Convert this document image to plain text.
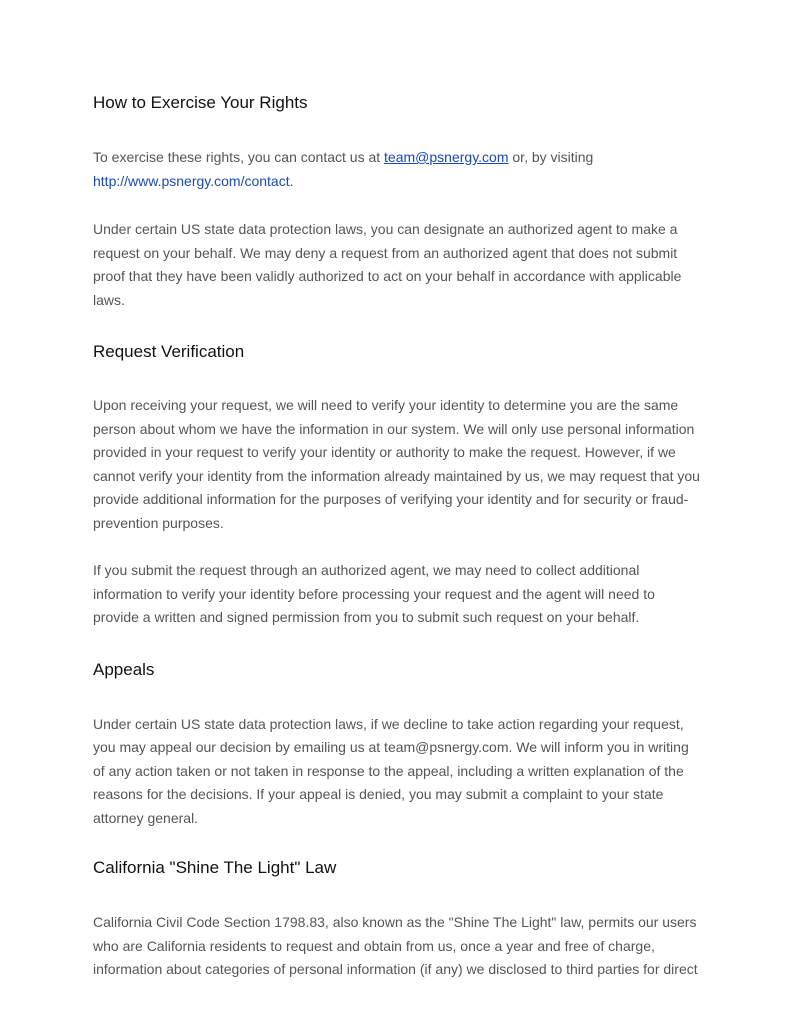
How to Exercise Your Rights

To exercise these rights, you can contact us at team@psnergy.com or, by visiting
http://www.psnergy.com/contact.

Under certain US state data protection laws, you can designate an authorized agent to make a request on your behalf. We may deny a request from an authorized agent that does not submit proof that they have been validly authorized to act on your behalf in accordance with applicable laws.

Request Verification

Upon receiving your request, we will need to verify your identity to determine you are the same person about whom we have the information in our system. We will only use personal information provided in your request to verify your identity or authority to make the request. However, if we cannot verify your identity from the information already maintained by us, we may request that you provide additional information for the purposes of verifying your identity and for security or fraud-prevention purposes.

If you submit the request through an authorized agent, we may need to collect additional information to verify your identity before processing your request and the agent will need to provide a written and signed permission from you to submit such request on your behalf.

Appeals

Under certain US state data protection laws, if we decline to take action regarding your request, you may appeal our decision by emailing us at team@psnergy.com. We will inform you in writing of any action taken or not taken in response to the appeal, including a written explanation of the reasons for the decisions. If your appeal is denied, you may submit a complaint to your state attorney general.

California "Shine The Light" Law

California Civil Code Section 1798.83, also known as the "Shine The Light" law, permits our users who are California residents to request and obtain from us, once a year and free of charge, information about categories of personal information (if any) we disclosed to third parties for direct
